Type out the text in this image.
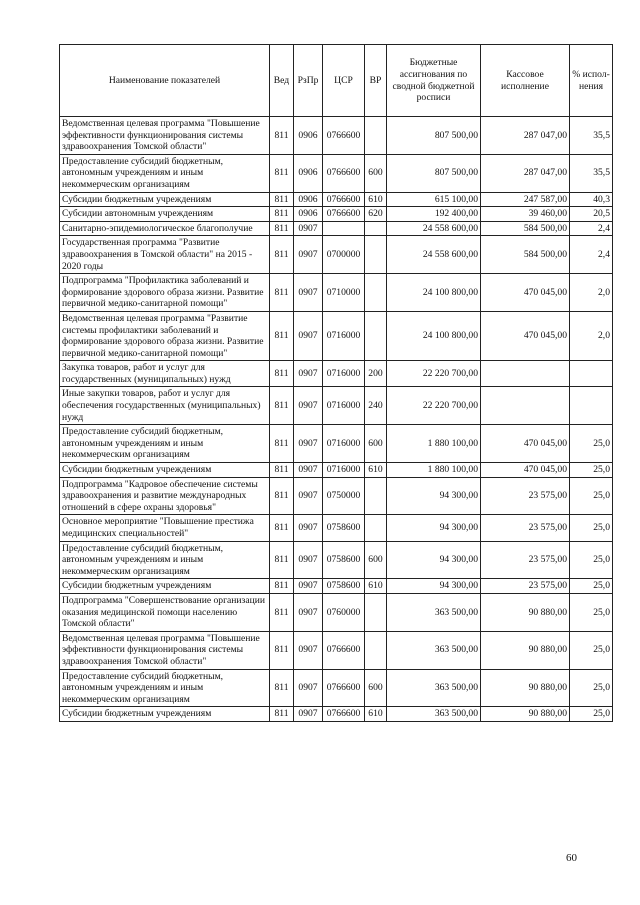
Наименование показателей	Вед	РзПр	ЦСР	ВР	Бюджетные ассигнования по сводной бюджетной росписи	Кассовое исполнение	% испол-нения
Ведомственная целевая программа "Повышение эффективности функционирования системы здравоохранения Томской области"	811	0906	0766600		807 500,00	287 047,00	35,5
Предоставление субсидий бюджетным, автономным учреждениям и иным некоммерческим организациям	811	0906	0766600	600	807 500,00	287 047,00	35,5
Субсидии бюджетным учреждениям	811	0906	0766600	610	615 100,00	247 587,00	40,3
Субсидии автономным учреждениям	811	0906	0766600	620	192 400,00	39 460,00	20,5
Санитарно-эпидемиологическое благополучие	811	0907			24 558 600,00	584 500,00	2,4
Государственная программа "Развитие здравоохранения в Томской области" на 2015 - 2020 годы	811	0907	0700000		24 558 600,00	584 500,00	2,4
Подпрограмма "Профилактика заболеваний и формирование здорового образа жизни. Развитие первичной медико-санитарной помощи"	811	0907	0710000		24 100 800,00	470 045,00	2,0
Ведомственная целевая программа "Развитие системы профилактики заболеваний и формирование здорового образа жизни. Развитие первичной медико-санитарной помощи"	811	0907	0716000		24 100 800,00	470 045,00	2,0
Закупка товаров, работ и услуг для государственных (муниципальных) нужд	811	0907	0716000	200	22 220 700,00		
Иные закупки товаров, работ и услуг для обеспечения государственных (муниципальных) нужд	811	0907	0716000	240	22 220 700,00		
Предоставление субсидий бюджетным, автономным учреждениям и иным некоммерческим организациям	811	0907	0716000	600	1 880 100,00	470 045,00	25,0
Субсидии бюджетным учреждениям	811	0907	0716000	610	1 880 100,00	470 045,00	25,0
Подпрограмма "Кадровое обеспечение системы здравоохранения и развитие международных отношений в сфере охраны здоровья"	811	0907	0750000		94 300,00	23 575,00	25,0
Основное мероприятие "Повышение престижа медицинских специальностей"	811	0907	0758600		94 300,00	23 575,00	25,0
Предоставление субсидий бюджетным, автономным учреждениям и иным некоммерческим организациям	811	0907	0758600	600	94 300,00	23 575,00	25,0
Субсидии бюджетным учреждениям	811	0907	0758600	610	94 300,00	23 575,00	25,0
Подпрограмма "Совершенствование организации оказания медицинской помощи населению Томской области"	811	0907	0760000		363 500,00	90 880,00	25,0
Ведомственная целевая программа "Повышение эффективности функционирования системы здравоохранения Томской области"	811	0907	0766600		363 500,00	90 880,00	25,0
Предоставление субсидий бюджетным, автономным учреждениям и иным некоммерческим организациям	811	0907	0766600	600	363 500,00	90 880,00	25,0
Субсидии бюджетным учреждениям	811	0907	0766600	610	363 500,00	90 880,00	25,0
60
